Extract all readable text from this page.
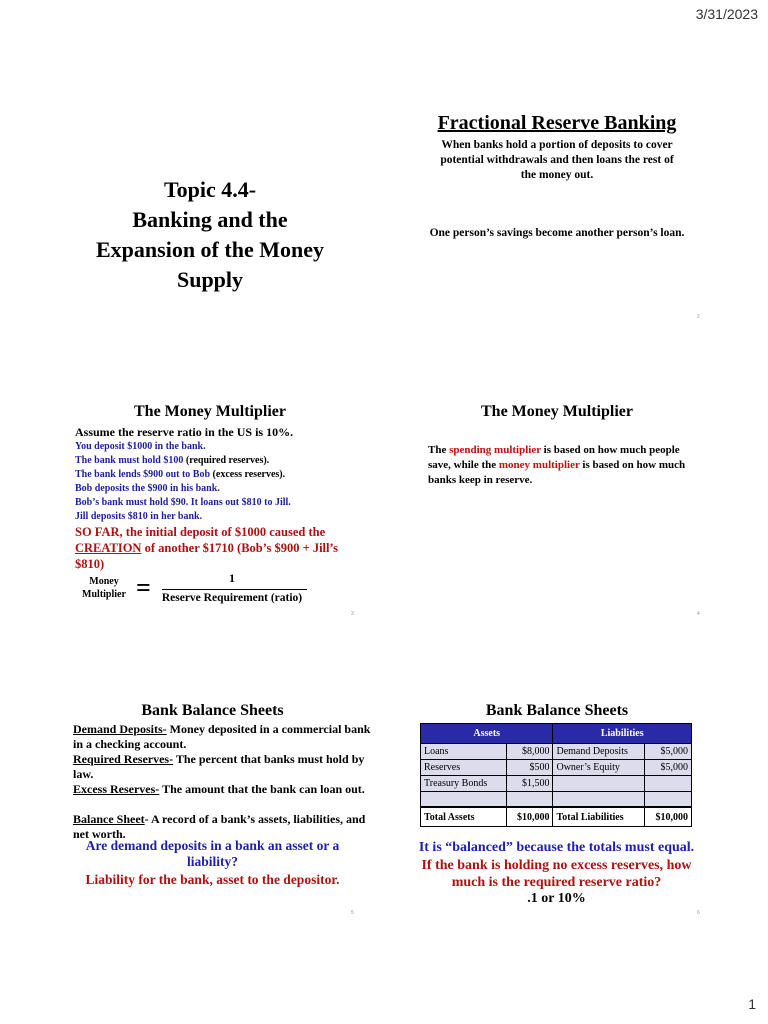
3/31/2023
1
Topic 4.4-
Banking and the
Expansion of the Money
Supply
Fractional Reserve Banking
When banks hold a portion of deposits to cover
potential withdrawals and then loans the rest of
the money out.
One person’s savings become another person’s loan.
2
The Money Multiplier
Assume the reserve ratio in the US is 10%.
You deposit $1000 in the bank.
The bank must hold $100 (required reserves).
The bank lends $900 out to Bob (excess reserves).
Bob deposits the $900 in his bank.
Bob’s bank must hold $90. It loans out $810 to Jill.
Jill deposits $810 in her bank.
SO FAR, the initial deposit of $1000 caused the CREATION of another $1710 (Bob’s $900 + Jill’s $810)
Money
Multiplier =	1
Reserve Requirement (ratio)
3
The Money Multiplier
The spending multiplier is based on how much people save, while the money multiplier is based on how much banks keep in reserve.
4
Bank Balance Sheets
Demand Deposits- Money deposited in a commercial bank in a checking account.
Required Reserves- The percent that banks must hold by law.
Excess Reserves- The amount that the bank can loan out.
Balance Sheet- A record of a bank’s assets, liabilities, and net worth.
Are demand deposits in a bank an asset or a liability?
Liability for the bank, asset to the depositor.
5
Bank Balance Sheets
Assets		Liabilities	
Loans	$8,000	Demand Deposits	$5,000
Reserves	$500	Owner’s Equity	$5,000
Treasury Bonds	$1,500		

Total Assets	$10,000	Total Liabilities	$10,000
It is “balanced” because the totals must equal.
If the bank is holding no excess reserves, how much is the required reserve ratio?
.1 or 10%
6
